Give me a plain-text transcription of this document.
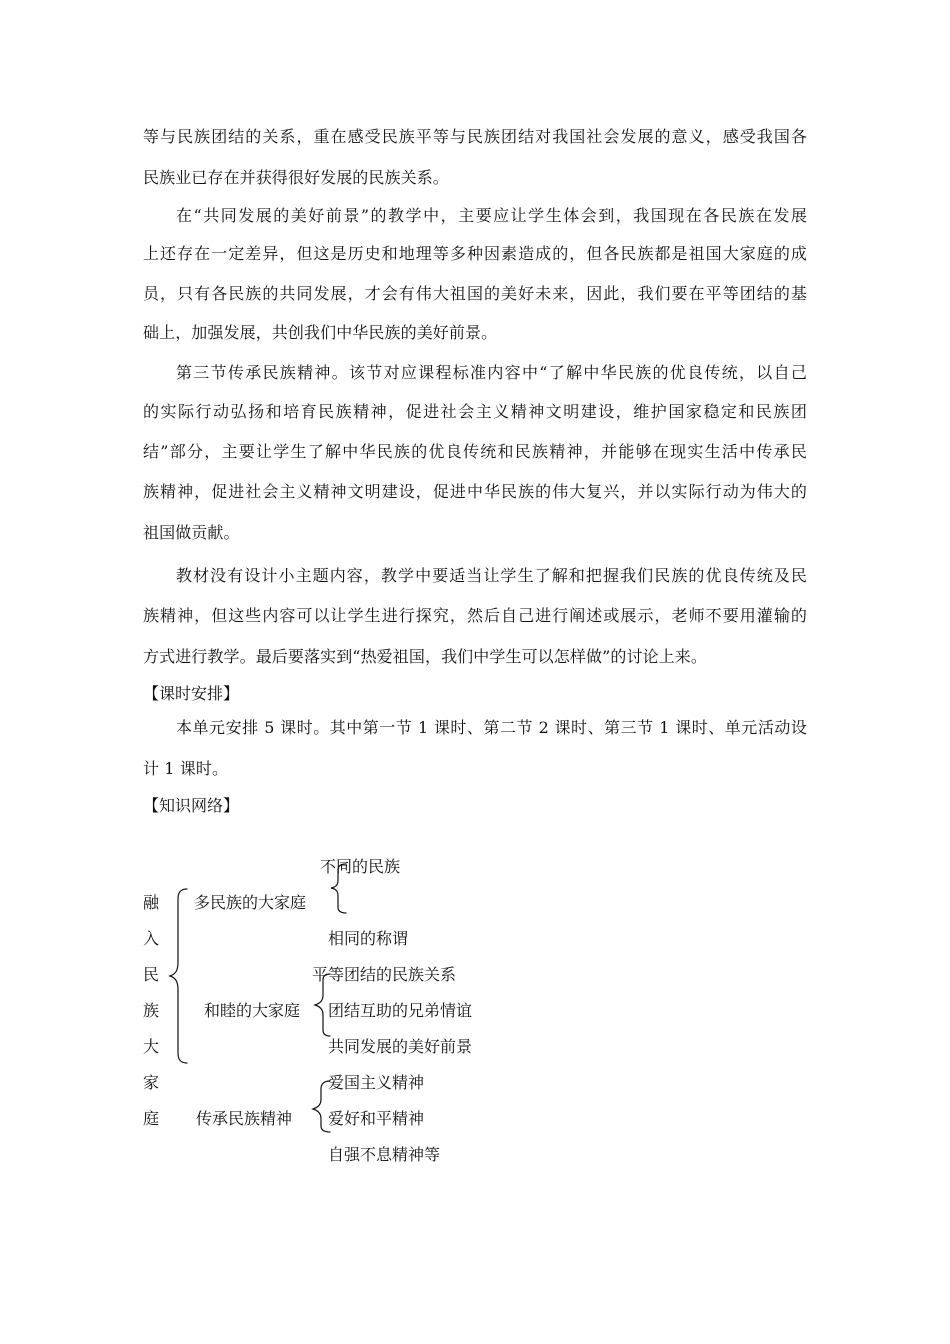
等与民族团结的关系，重在感受民族平等与民族团结对我国社会发展的意义，感受我国各
民族业已存在并获得很好发展的民族关系。
在“共同发展的美好前景”的教学中，主要应让学生体会到，我国现在各民族在发展
上还存在一定差异，但这是历史和地理等多种因素造成的，但各民族都是祖国大家庭的成
员，只有各民族的共同发展，才会有伟大祖国的美好未来，因此，我们要在平等团结的基
础上，加强发展，共创我们中华民族的美好前景。
第三节传承民族精神。该节对应课程标准内容中“了解中华民族的优良传统，以自己
的实际行动弘扬和培育民族精神，促进社会主义精神文明建设，维护国家稳定和民族团
结”部分，主要让学生了解中华民族的优良传统和民族精神，并能够在现实生活中传承民
族精神，促进社会主义精神文明建设，促进中华民族的伟大复兴，并以实际行动为伟大的
祖国做贡献。
教材没有设计小主题内容，教学中要适当让学生了解和把握我们民族的优良传统及民
族精神，但这些内容可以让学生进行探究，然后自己进行阐述或展示，老师不要用灌输的
方式进行教学。最后要落实到“热爱祖国，我们中学生可以怎样做”的讨论上来。
【课时安排】
本单元安排 5 课时。其中第一节 1 课时、第二节 2 课时、第三节 1 课时、单元活动设
计 1 课时。
【知识网络】
融
入
民
族
大
家
庭
多民族的大家庭
和睦的大家庭
传承民族精神
不同的民族
相同的称谓
平等团结的民族关系
团结互助的兄弟情谊
共同发展的美好前景
爱国主义精神
爱好和平精神
自强不息精神等
